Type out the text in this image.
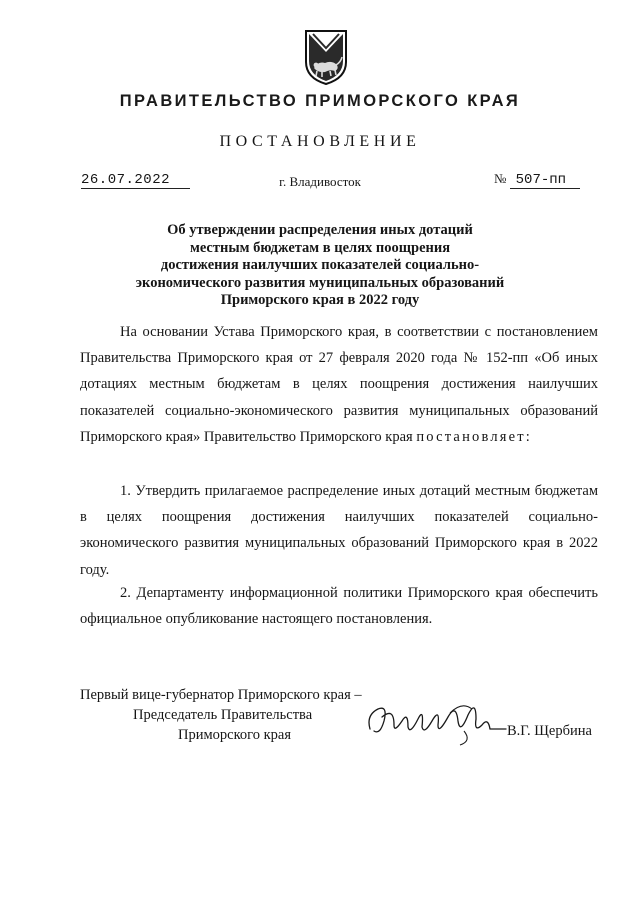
ПРАВИТЕЛЬСТВО ПРИМОРСКОГО КРАЯ
ПОСТАНОВЛЕНИЕ
26.07.2022	г. Владивосток	№ 507-пп
Об утверждении распределения иных дотаций
местным бюджетам в целях поощрения
достижения наилучших показателей социально-
экономического развития муниципальных образований
Приморского края в 2022 году
На основании Устава Приморского края, в соответствии с постановлением Правительства Приморского края от 27 февраля 2020 года № 152-пп «Об иных дотациях местным бюджетам в целях поощрения достижения наилучших показателей социально-экономического развития муниципальных образований Приморского края» Правительство Приморского края постановляет:
1. Утвердить прилагаемое распределение иных дотаций местным бюджетам в целях поощрения достижения наилучших показателей социально-экономического развития муниципальных образований Приморского края в 2022 году.
2. Департаменту информационной политики Приморского края обеспечить официальное опубликование настоящего постановления.
Первый вице-губернатор Приморского края –
Председатель Правительства
Приморского края	В.Г. Щербина
